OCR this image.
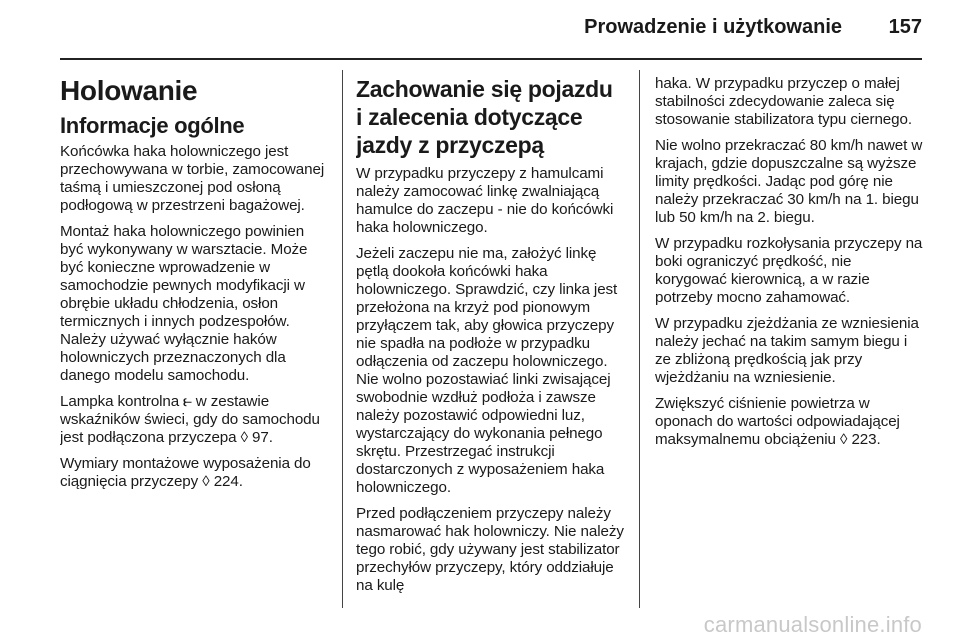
Prowadzenie i użytkowanie 157
Holowanie
Informacje ogólne

Końcówka haka holowniczego jest przechowywana w torbie, zamocowanej taśmą i umieszczonej pod osłoną podłogową w przestrzeni bagażowej.

Montaż haka holowniczego powinien być wykonywany w warsztacie. Może być konieczne wprowadzenie w samochodzie pewnych modyfikacji w obrębie układu chłodzenia, osłon termicznych i innych podzespołów. Należy używać wyłącznie haków holowniczych przeznaczonych dla danego modelu samochodu.

Lampka kontrolna ⥼ w zestawie wskaźników świeci, gdy do samochodu jest podłączona przyczepa ◊ 97.

Wymiary montażowe wyposażenia do ciągnięcia przyczepy ◊ 224.

Zachowanie się pojazdu i zalecenia dotyczące jazdy z przyczepą

W przypadku przyczepy z hamulcami należy zamocować linkę zwalniającą hamulce do zaczepu - nie do końcówki haka holowniczego.

Jeżeli zaczepu nie ma, założyć linkę pętlą dookoła końcówki haka holowniczego. Sprawdzić, czy linka jest przełożona na krzyż pod pionowym przyłączem tak, aby głowica przyczepy nie spadła na podłoże w przypadku odłączenia od zaczepu holowniczego. Nie wolno pozostawiać linki zwisającej swobodnie wzdłuż podłoża i zawsze należy pozostawić odpowiedni luz, wystarczający do wykonania pełnego skrętu. Przestrzegać instrukcji dostarczonych z wyposażeniem haka holowniczego.

Przed podłączeniem przyczepy należy nasmarować hak holowniczy. Nie należy tego robić, gdy używany jest stabilizator przechyłów przyczepy, który oddziałuje na kulę

haka. W przypadku przyczep o małej stabilności zdecydowanie zaleca się stosowanie stabilizatora typu ciernego.

Nie wolno przekraczać 80 km/h nawet w krajach, gdzie dopuszczalne są wyższe limity prędkości. Jadąc pod górę nie należy przekraczać 30 km/h na 1. biegu lub 50 km/h na 2. biegu.

W przypadku rozkołysania przyczepy na boki ograniczyć prędkość, nie korygować kierownicą, a w razie potrzeby mocno zahamować.

W przypadku zjeżdżania ze wzniesienia należy jechać na takim samym biegu i ze zbliżoną prędkością jak przy wjeżdżaniu na wzniesienie.

Zwiększyć ciśnienie powietrza w oponach do wartości odpowiadającej maksymalnemu obciążeniu ◊ 223.

carmanualsonline.info
